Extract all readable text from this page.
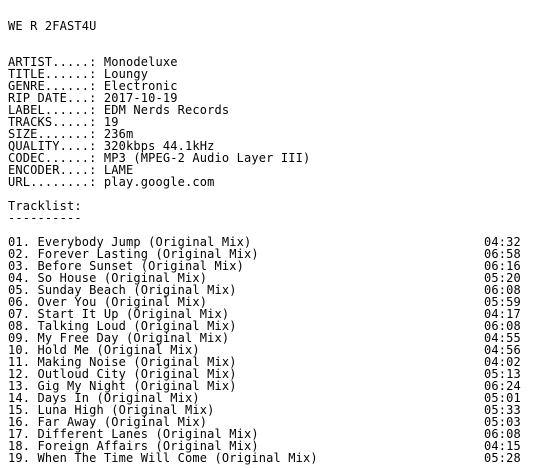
WE R 2FAST4U
ARTIST.....: Monodeluxe
TITLE......: Loungy
GENRE......: Electronic
RIP DATE...: 2017-10-19
LABEL......: EDM Nerds Records
TRACKS.....: 19
SIZE.......: 236m
QUALITY....: 320kbps 44.1kHz
CODEC......: MP3 (MPEG-2 Audio Layer III)
ENCODER....: LAME
URL........: play.google.com
Tracklist:
----------
01. Everybody Jump (Original Mix)	04:32
02. Forever Lasting (Original Mix)	06:58
03. Before Sunset (Original Mix)	06:16
04. So House (Original Mix)	05:20
05. Sunday Beach (Original Mix)	06:08
06. Over You (Original Mix)	05:59
07. Start It Up (Original Mix)	04:17
08. Talking Loud (Original Mix)	06:08
09. My Free Day (Original Mix)	04:55
10. Hold Me (Original Mix)	04:56
11. Making Noise (Original Mix)	04:02
12. Outloud City (Original Mix)	05:13
13. Gig My Night (Original Mix)	06:24
14. Days In (Original Mix)	05:01
15. Luna High (Original Mix)	05:33
16. Far Away (Original Mix)	05:03
17. Different Lanes (Original Mix)	06:08
18. Foreign Affairs (Original Mix)	04:15
19. When The Time Will Come (Original Mix)	05:28
